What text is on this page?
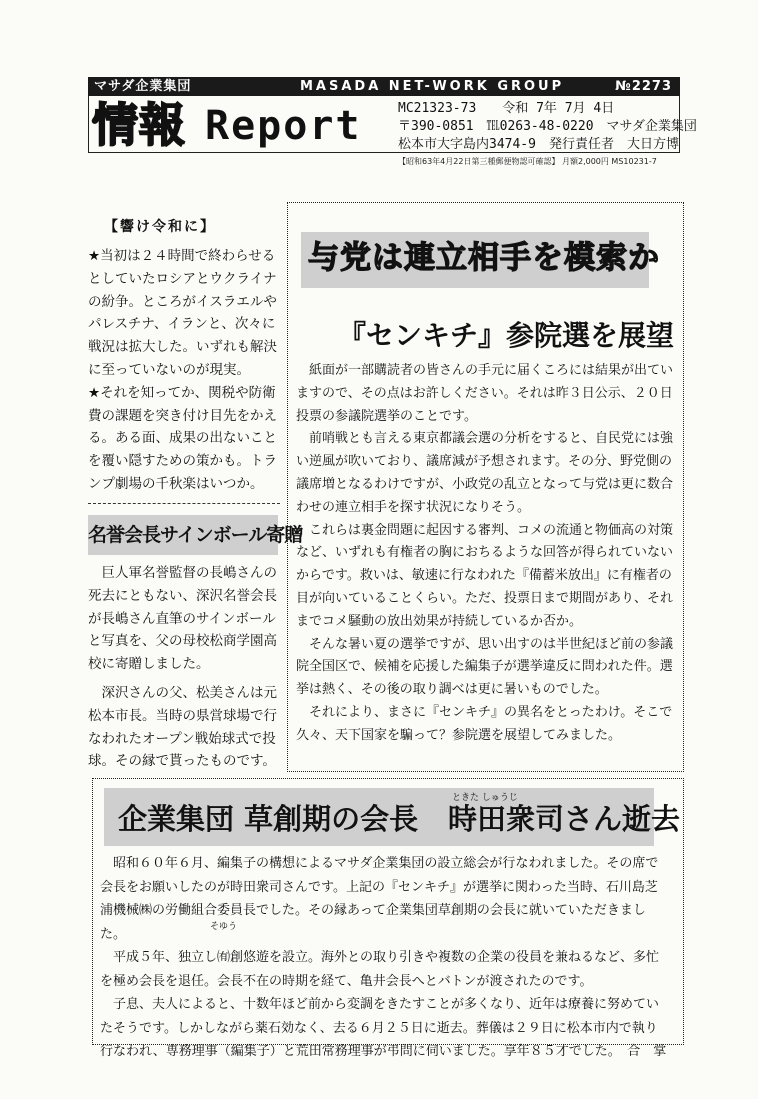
マサダ企業集団	MASADA NET-WORK GROUP	№2273
情報 Report	MC21323-73　　令和 7年 7月 4日
〒390-0851　℡0263-48-0220　マサダ企業集団
松本市大字島内3474-9　発行責任者　大日方博
【昭和63年4月22日第三種郵便物認可確認】 月額2,000円 MS10231-7
【響け令和に】

★当初は２４時間で終わらせるとしていたロシアとウクライナの紛争。ところがイスラエルやパレスチナ、イランと、次々に戦況は拡大した。いずれも解決に至っていないのが現実。

★それを知ってか、関税や防衛費の課題を突き付け目先をかえる。ある面、成果の出ないことを覆い隠すための策かも。トランプ劇場の千秋楽はいつか。

名誉会長サインボール寄贈

巨人軍名誉監督の長嶋さんの死去にともない、深沢名誉会長が長嶋さん直筆のサインボールと写真を、父の母校松商学園高校に寄贈しました。

深沢さんの父、松美さんは元松本市長。当時の県営球場で行なわれたオープン戦始球式で投球。その縁で貰ったものです。

与党は連立相手を模索か
『センキチ』参院選を展望

紙面が一部購読者の皆さんの手元に届くころには結果が出ていますので、その点はお許しください。それは昨３日公示、２０日投票の参議院選挙のことです。

前哨戦とも言える東京都議会選の分析をすると、自民党には強い逆風が吹いており、議席減が予想されます。その分、野党側の議席増となるわけですが、小政党の乱立となって与党は更に数合わせの連立相手を探す状況になりそう。

これらは裏金問題に起因する審判、コメの流通と物価高の対策など、いずれも有権者の胸におちるような回答が得られていないからです。救いは、敏速に行なわれた『備蓄米放出』に有権者の目が向いていることくらい。ただ、投票日まで期間があり、それまでコメ騒動の放出効果が持続しているか否か。

そんな暑い夏の選挙ですが、思い出すのは半世紀ほど前の参議院全国区で、候補を応援した編集子が選挙違反に問われた件。選挙は熱く、その後の取り調べは更に暑いものでした。

それにより、まさに『センキチ』の異名をとったわけ。そこで久々、天下国家を騙って？参院選を展望してみました。

企業集団 草創期の会長
ときた しゅうじ
時田衆司さん逝去
そゆう

昭和６０年６月、編集子の構想によるマサダ企業集団の設立総会が行なわれました。その席で会長をお願いしたのが時田衆司さんです。上記の『センキチ』が選挙に関わった当時、石川島芝浦機械㈱の労働組合委員長でした。その縁あって企業集団草創期の会長に就いていただきました。

平成５年、独立し㈲創悠遊を設立。海外との取り引きや複数の企業の役員を兼ねるなど、多忙を極め会長を退任。会長不在の時期を経て、亀井会長へとバトンが渡されたのです。

子息、夫人によると、十数年ほど前から変調をきたすことが多くなり、近年は療養に努めていたそうです。しかしながら薬石効なく、去る６月２５日に逝去。葬儀は２９日に松本市内で執り行なわれ、専務理事（編集子）と荒田常務理事が弔問に伺いました。享年８５才でした。　合　掌
